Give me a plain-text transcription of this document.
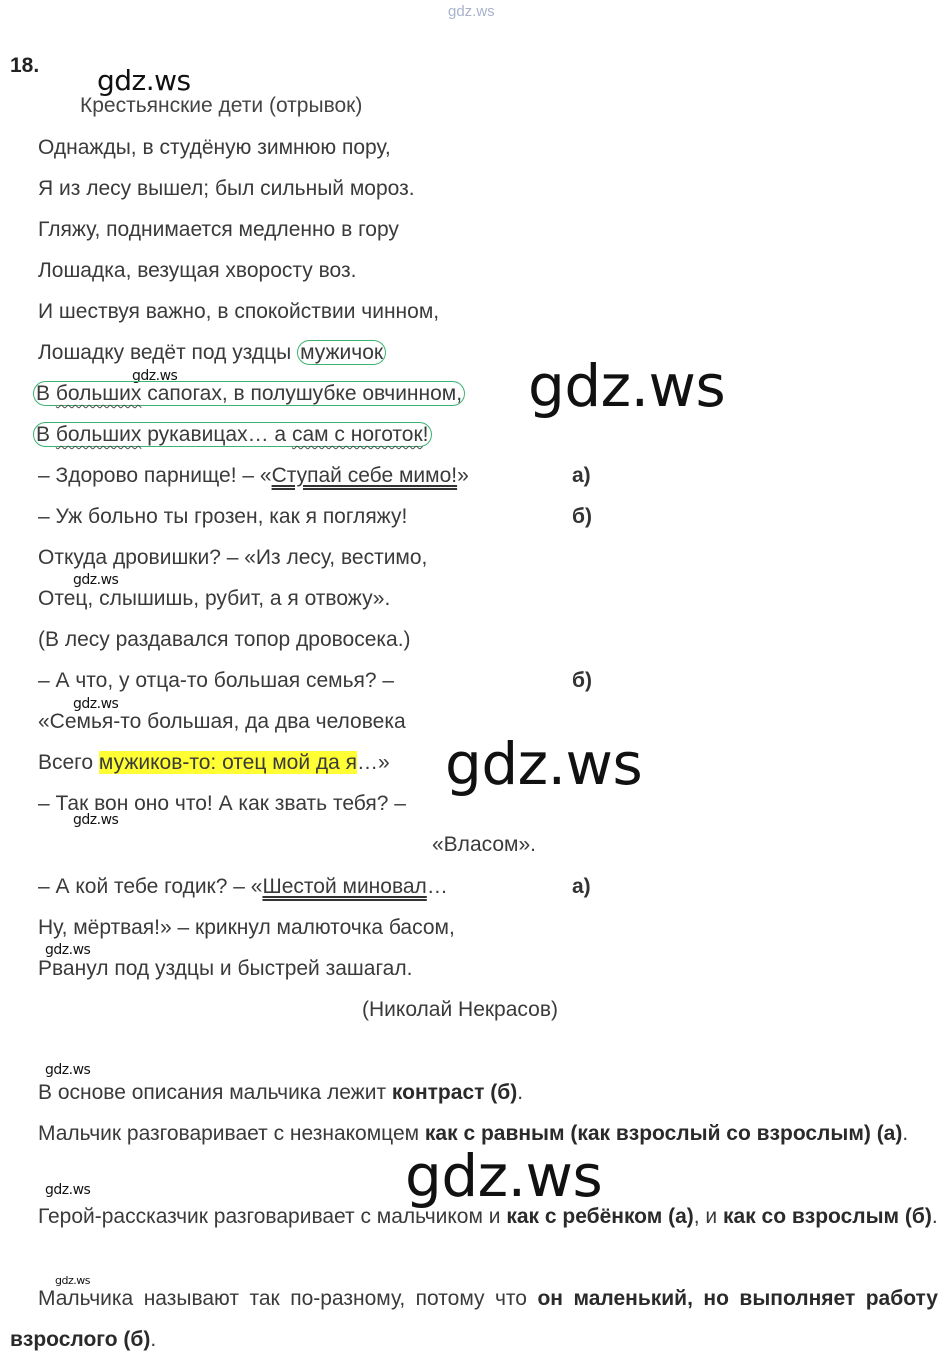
gdz.ws
gdz.ws
gdz.ws
gdz.ws
gdz.ws
gdz.ws
gdz.ws
gdz.ws
gdz.ws
gdz.ws
gdz.ws
gdz.ws
gdz.ws
18.
Крестьянские дети (отрывок)
Однажды, в студёную зимнюю пору,
Я из лесу вышел; был сильный мороз.
Гляжу, поднимается медленно в гору
Лошадка, везущая хворосту воз.
И шествуя важно, в спокойствии чинном,
Лошадку ведёт под уздцы мужичок
В больших сапогах, в полушубке овчинном,
В больших рукавицах… а сам с ноготок!
– Здорово парнище! – «Ступай себе мимо!»	а)
– Уж больно ты грозен, как я погляжу!	б)
Откуда дровишки? – «Из лесу, вестимо,
Отец, слышишь, рубит, а я отвожу».
(В лесу раздавался топор дровосека.)
– А что, у отца-то большая семья? –	б)
«Семья-то большая, да два человека
Всего мужиков-то: отец мой да я…»
– Так вон оно что! А как звать тебя? –
«Власом».
– А кой тебе годик? – «Шестой миновал…	а)
Ну, мёртвая!» – крикнул малюточка басом,
Рванул под уздцы и быстрей зашагал.
(Николай Некрасов)
В основе описания мальчика лежит контраст (б).
Мальчик разговаривает с незнакомцем как с равным (как взрослый со взрослым) (а).
Герой-рассказчик разговаривает с мальчиком и как с ребёнком (а), и как со взрослым (б).
Мальчика называют так по-разному, потому что он маленький, но выполняет работу взрослого (б).
